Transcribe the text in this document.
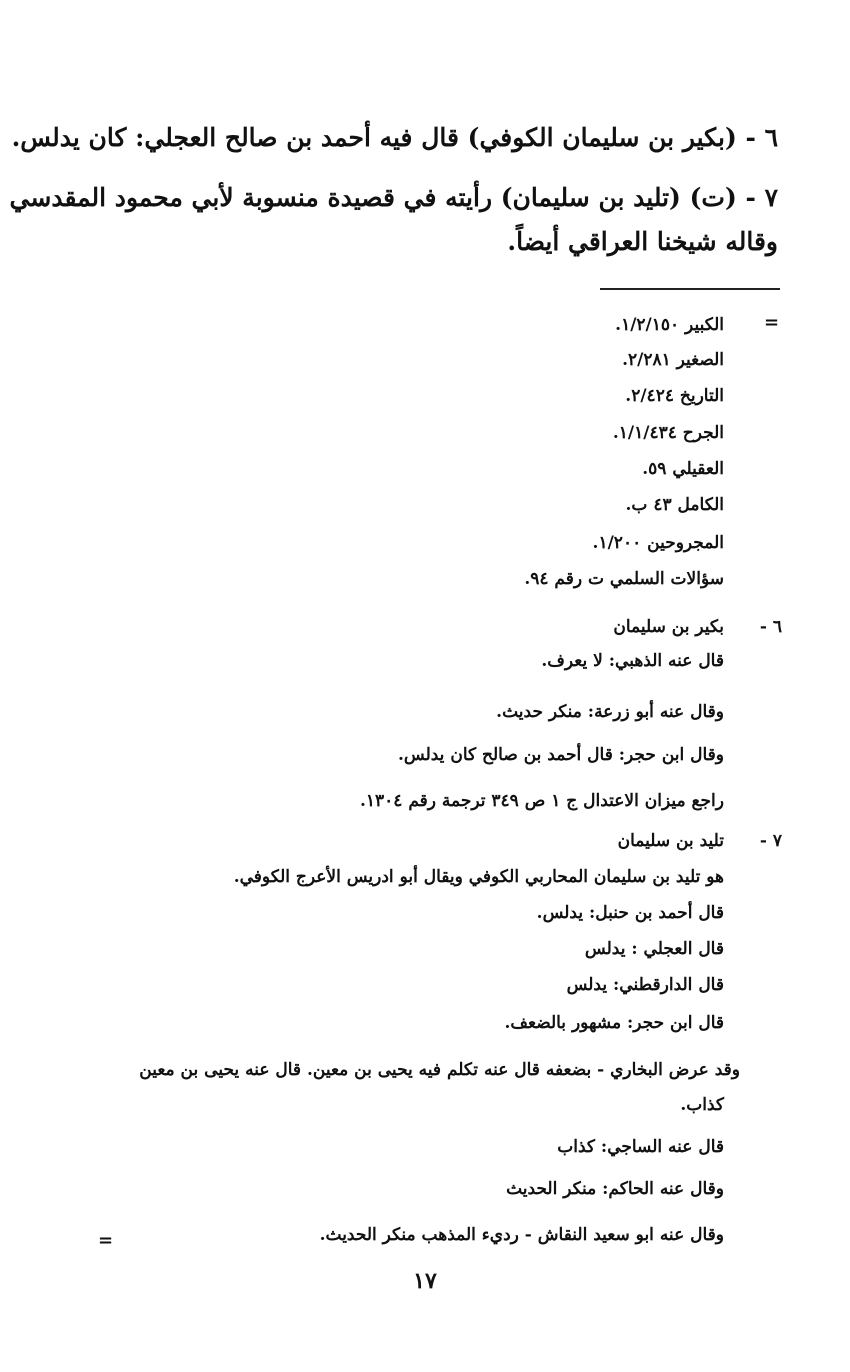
٦ - (بكير بن سليمان الكوفي) قال فيه أحمد بن صالح العجلي: كان يدلس.
٧ - (ت) (تليد بن سليمان) رأيته في قصيدة منسوبة لأبي محمود المقدسي
وقاله شيخنا العراقي أيضاً.
=
الكبير ١/٢/١٥٠.
الصغير ٢/٢٨١.
التاريخ ٢/٤٢٤.
الجرح ١/١/٤٣٤.
العقيلي ٥٩.
الكامل ٤٣ ب.
المجروحين ١/٢٠٠.
سؤالات السلمي ت رقم ٩٤.
٦ -
بكير بن سليمان
قال عنه الذهبي: لا يعرف.
وقال عنه أبو زرعة: منكر حديث.
وقال ابن حجر: قال أحمد بن صالح كان يدلس.
راجع ميزان الاعتدال ج ١ ص ٣٤٩ ترجمة رقم ١٣٠٤.
٧ -
تليد بن سليمان
هو تليد بن سليمان المحاربي الكوفي ويقال أبو ادريس الأعرج الكوفي.
قال أحمد بن حنبل: يدلس.
قال العجلي : يدلس
قال الدارقطني: يدلس
قال ابن حجر: مشهور بالضعف.
وقد عرض البخاري - بضعفه قال عنه تكلم فيه يحيى بن معين. قال عنه يحيى بن معين
كذاب.
قال عنه الساجي: كذاب
وقال عنه الحاكم: منكر الحديث
وقال عنه ابو سعيد النقاش - رديء المذهب منكر الحديث.
=
١٧
